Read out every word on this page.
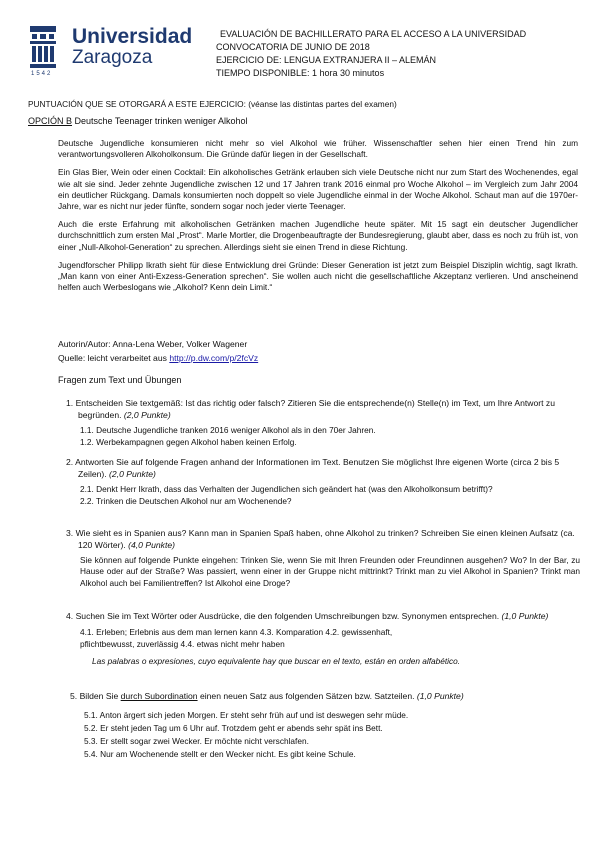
1542
Universidad
Zaragoza
EVALUACIÓN DE BACHILLERATO PARA EL ACCESO A LA UNIVERSIDAD
CONVOCATORIA DE JUNIO DE 2018
EJERCICIO DE: LENGUA EXTRANJERA II – ALEMÁN
TIEMPO DISPONIBLE: 1 hora 30 minutos
PUNTUACIÓN QUE SE OTORGARÁ A ESTE EJERCICIO: (véanse las distintas partes del examen)
OPCIÓN B Deutsche Teenager trinken weniger Alkohol

Deutsche Jugendliche konsumieren nicht mehr so viel Alkohol wie früher. Wissenschaftler sehen hier einen Trend hin zum verantwortungsvolleren Alkoholkonsum. Die Gründe dafür liegen in der Gesellschaft.

Ein Glas Bier, Wein oder einen Cocktail: Ein alkoholisches Getränk erlauben sich viele Deutsche nicht nur zum Start des Wochenendes, egal wie alt sie sind. Jeder zehnte Jugendliche zwischen 12 und 17 Jahren trank 2016 einmal pro Woche Alkohol – im Vergleich zum Jahr 2004 ein deutlicher Rückgang. Damals konsumierten noch doppelt so viele Jugendliche einmal in der Woche Alkohol. Schaut man auf die 1970er-Jahre, war es nicht nur jeder fünfte, sondern sogar noch jeder vierte Teenager.

Auch die erste Erfahrung mit alkoholischen Getränken machen Jugendliche heute später. Mit 15 sagt ein deutscher Jugendlicher durchschnittlich zum ersten Mal „Prost“. Marle Mortler, die Drogenbeauftragte der Bundesregierung, glaubt aber, dass es noch zu früh ist, von einer „Null-Alkohol-Generation“ zu sprechen. Allerdings sieht sie einen Trend in diese Richtung.

Jugendforscher Philipp Ikrath sieht für diese Entwicklung drei Gründe: Dieser Generation ist jetzt zum Beispiel Disziplin wichtig, sagt Ikrath. „Man kann von einer Anti-Exzess-Generation sprechen“. Sie wollen auch nicht die gesellschaftliche Akzeptanz verlieren. Und anscheinend helfen auch Werbeslogans wie „Alkohol? Kenn dein Limit.“

Autorin/Autor: Anna-Lena Weber, Volker Wagener
Quelle: leicht verarbeitet aus http://p.dw.com/p/2fcVz
Fragen zum Text und Übungen
1. Entscheiden Sie textgemäß: Ist das richtig oder falsch? Zitieren Sie die entsprechende(n) Stelle(n) im Text, um Ihre Antwort zu begründen. (2,0 Punkte)
1.1. Deutsche Jugendliche tranken 2016 weniger Alkohol als in den 70er Jahren.
1.2. Werbekampagnen gegen Alkohol haben keinen Erfolg.
2. Antworten Sie auf folgende Fragen anhand der Informationen im Text. Benutzen Sie möglichst Ihre eigenen Worte (circa 2 bis 5 Zeilen). (2,0 Punkte)
2.1. Denkt Herr Ikrath, dass das Verhalten der Jugendlichen sich geändert hat (was den Alkoholkonsum betrifft)?
2.2. Trinken die Deutschen Alkohol nur am Wochenende?
3. Wie sieht es in Spanien aus? Kann man in Spanien Spaß haben, ohne Alkohol zu trinken? Schreiben Sie einen kleinen Aufsatz (ca. 120 Wörter). (4,0 Punkte)
Sie können auf folgende Punkte eingehen: Trinken Sie, wenn Sie mit Ihren Freunden oder Freundinnen ausgehen? Wo? In der Bar, zu Hause oder auf der Straße? Was passiert, wenn einer in der Gruppe nicht mittrinkt? Trinkt man zu viel Alkohol in Spanien? Trinkt man Alkohol auch bei Familientreffen? Ist Alkohol eine Droge?
4. Suchen Sie im Text Wörter oder Ausdrücke, die den folgenden Umschreibungen bzw. Synonymen entsprechen. (1,0 Punkte)
4.1. Erleben; Erlebnis aus dem man lernen kann 4.3. Komparation 4.2. gewissenhaft,
pflichtbewusst, zuverlässig 4.4. etwas nicht mehr haben
Las palabras o expresiones, cuyo equivalente hay que buscar en el texto, están en orden alfabético.
5. Bilden Sie durch Subordination einen neuen Satz aus folgenden Sätzen bzw. Satzteilen. (1,0 Punkte)
5.1. Anton ärgert sich jeden Morgen. Er steht sehr früh auf und ist deswegen sehr müde.
5.2. Er steht jeden Tag um 6 Uhr auf. Trotzdem geht er abends sehr spät ins Bett.
5.3. Er stellt sogar zwei Wecker. Er möchte nicht verschlafen.
5.4. Nur am Wochenende stellt er den Wecker nicht. Es gibt keine Schule.
